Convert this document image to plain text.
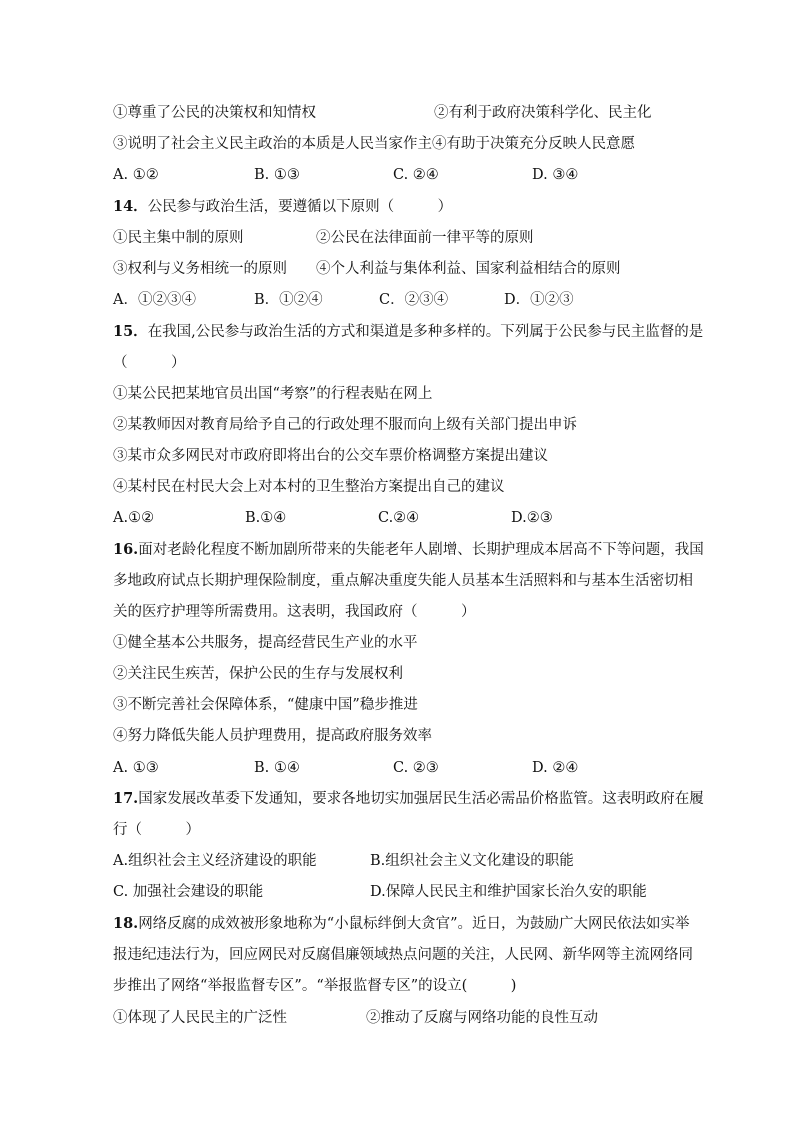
①尊重了公民的决策权和知情权	②有利于政府决策科学化、民主化
③说明了社会主义民主政治的本质是人民当家作主 ④有助于决策充分反映人民意愿
A. ①②	B. ①③	C. ②④	D. ③④
14．公民参与政治生活，要遵循以下原则（　　　）
①民主集中制的原则	②公民在法律面前一律平等的原则
③权利与义务相统一的原则 ④个人利益与集体利益、国家利益相结合的原则
A．①②③④	B．①②④	C．②③④	D．①②③
15．在我国,公民参与政治生活的方式和渠道是多种多样的。下列属于公民参与民主监督的是
（　　　）
①某公民把某地官员出国“考察”的行程表贴在网上
②某教师因对教育局给予自己的行政处理不服而向上级有关部门提出申诉
③某市众多网民对市政府即将出台的公交车票价格调整方案提出建议
④某村民在村民大会上对本村的卫生整治方案提出自己的建议
A.①②	B.①④	C.②④	D.②③
16.面对老龄化程度不断加剧所带来的失能老年人剧增、长期护理成本居高不下等问题，我国
多地政府试点长期护理保险制度，重点解决重度失能人员基本生活照料和与基本生活密切相
关的医疗护理等所需费用。这表明，我国政府（　　　）
①健全基本公共服务，提高经营民生产业的水平
②关注民生疾苦，保护公民的生存与发展权利
③不断完善社会保障体系，“健康中国”稳步推进
④努力降低失能人员护理费用，提高政府服务效率
A. ①③	B. ①④	C. ②③	D. ②④
17.国家发展改革委下发通知，要求各地切实加强居民生活必需品价格监管。这表明政府在履
行（　　　）
A.组织社会主义经济建设的职能	B.组织社会主义文化建设的职能
C. 加强社会建设的职能	D.保障人民民主和维护国家长治久安的职能
18.网络反腐的成效被形象地称为“小鼠标绊倒大贪官”。近日，为鼓励广大网民依法如实举
报违纪违法行为，回应网民对反腐倡廉领域热点问题的关注，人民网、新华网等主流网络同
步推出了网络“举报监督专区”。“举报监督专区”的设立(　　　)
①体现了人民民主的广泛性	②推动了反腐与网络功能的良性互动
